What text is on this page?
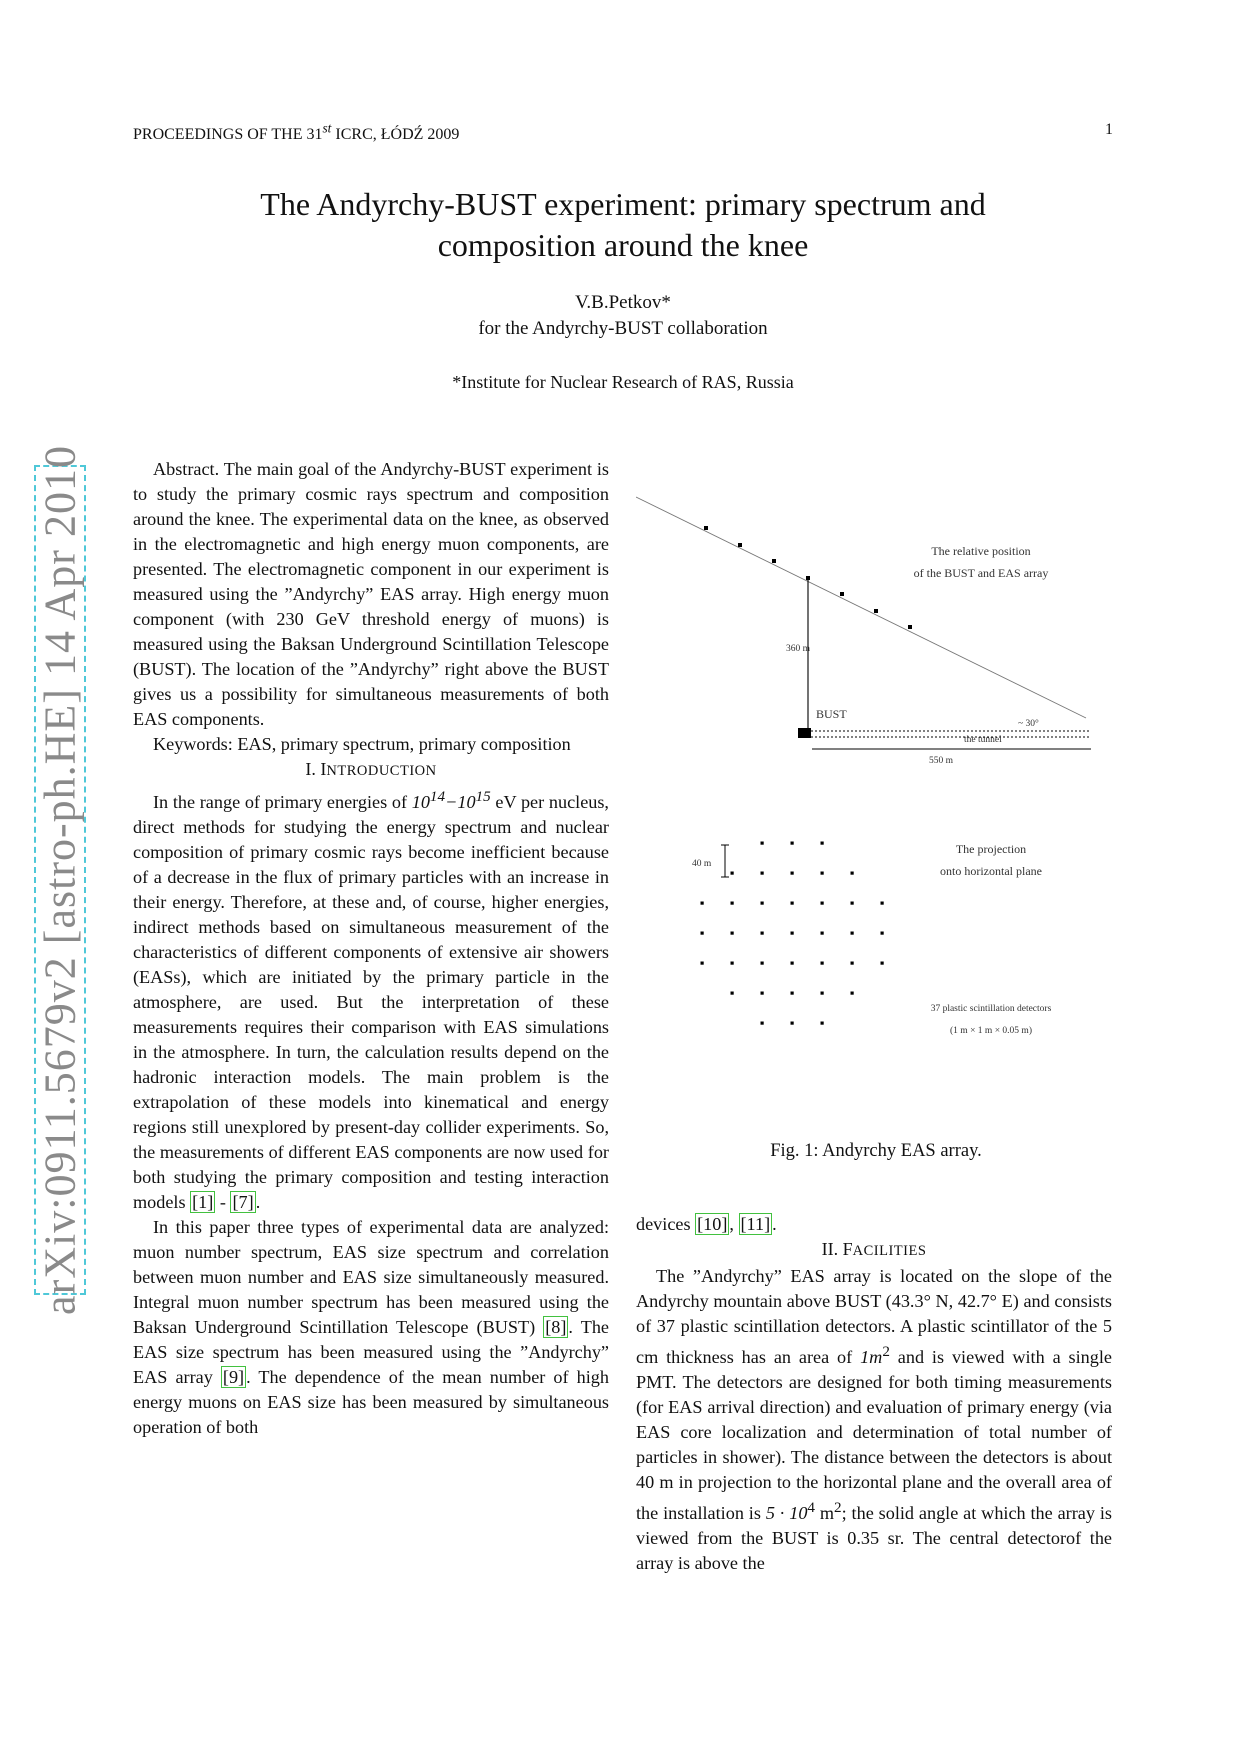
PROCEEDINGS OF THE 31st ICRC, ŁÓDŹ 2009	1
The Andyrchy-BUST experiment: primary spectrum and
composition around the knee
V.B.Petkov*
for the Andyrchy-BUST collaboration
*Institute for Nuclear Research of RAS, Russia
arXiv:0911.5679v2 [astro-ph.HE] 14 Apr 2010	Abstract. The main goal of the Andyrchy-BUST experiment is to study the primary cosmic rays spectrum and composition around the knee. The experimental data on the knee, as observed in the electromagnetic and high energy muon components, are presented. The electromagnetic component in our experiment is measured using the ”Andyrchy” EAS array. High energy muon component (with 230 GeV threshold energy of muons) is measured using the Baksan Underground Scintillation Telescope (BUST). The location of the ”Andyrchy” right above the BUST gives us a possibility for simultaneous measurements of both EAS components.

Keywords: EAS, primary spectrum, primary composition

I. INTRODUCTION

In the range of primary energies of $10^{14}-10^{15}$ eV per nucleus, direct methods for studying the energy spectrum and nuclear composition of primary cosmic rays become inefficient because of a decrease in the flux of primary particles with an increase in their energy. Therefore, at these and, of course, higher energies, indirect methods based on simultaneous measurement of the characteristics of different components of extensive air showers (EASs), which are initiated by the primary particle in the atmosphere, are used. But the interpretation of these measurements requires their comparison with EAS simulations in the atmosphere. In turn, the calculation results depend on the hadronic interaction models. The main problem is the extrapolation of these models into kinematical and energy regions still unexplored by present-day collider experiments. So, the measurements of different EAS components are now used for both studying the primary composition and testing interaction models [1] - [7] .

In this paper three types of experimental data are analyzed: muon number spectrum, EAS size spectrum and correlation between muon number and EAS size simultaneously measured. Integral muon number spectrum has been measured using the Baksan Underground Scintillation Telescope (BUST) [8] . The EAS size spectrum has been measured using the ”Andyrchy” EAS array [9] . The dependence of the mean number of high energy muons on EAS size has been measured by simultaneous operation of both

360 m
BUST
the tunnel
~ 30°
550 m
The relative position
of the BUST and EAS array
The projection
onto horizontal plane
40 m
37 plastic scintillation detectors
(1 m × 1 m × 0.05 m)
Fig. 1: Andyrchy EAS array.

devices [10] , [11] .

II. FACILITIES

The ”Andyrchy” EAS array is located on the slope of the Andyrchy mountain above BUST (43.3° N, 42.7° E) and consists of 37 plastic scintillation detectors. A plastic scintillator of the 5 cm thickness has an area of $1m^2$ and is viewed with a single PMT. The detectors are designed for both timing measurements (for EAS arrival direction) and evaluation of primary energy (via EAS core localization and determination of total number of particles in shower). The distance between the detectors is about 40 m in projection to the horizontal plane and the overall area of the installation is $5 \cdot 10^4$ $m^2$; the solid angle at which the array is viewed from the BUST is 0.35 sr. The central detectorof the array is above the
